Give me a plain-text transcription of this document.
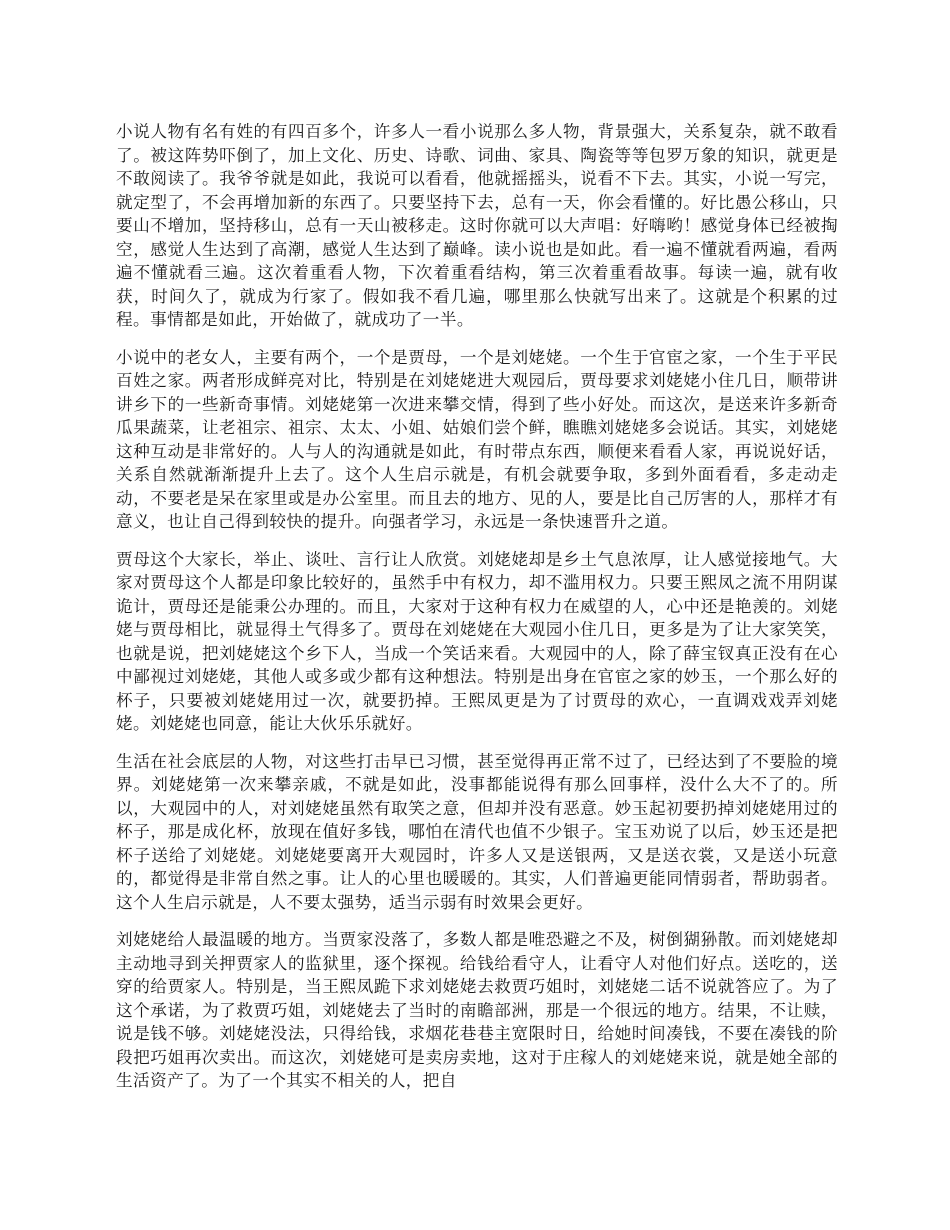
小说人物有名有姓的有四百多个，许多人一看小说那么多人物，背景强大，关系复杂，就不敢看了。被这阵势吓倒了，加上文化、历史、诗歌、词曲、家具、陶瓷等等包罗万象的知识，就更是不敢阅读了。我爷爷就是如此，我说可以看看，他就摇摇头，说看不下去。其实，小说一写完，就定型了，不会再增加新的东西了。只要坚持下去，总有一天，你会看懂的。好比愚公移山，只要山不增加，坚持移山，总有一天山被移走。这时你就可以大声唱：好嗨哟！感觉身体已经被掏空，感觉人生达到了高潮，感觉人生达到了巅峰。读小说也是如此。看一遍不懂就看两遍，看两遍不懂就看三遍。这次着重看人物，下次着重看结构，第三次着重看故事。每读一遍，就有收获，时间久了，就成为行家了。假如我不看几遍，哪里那么快就写出来了。这就是个积累的过程。事情都是如此，开始做了，就成功了一半。

小说中的老女人，主要有两个，一个是贾母，一个是刘姥姥。一个生于官宦之家，一个生于平民百姓之家。两者形成鲜亮对比，特别是在刘姥姥进大观园后，贾母要求刘姥姥小住几日，顺带讲讲乡下的一些新奇事情。刘姥姥第一次进来攀交情，得到了些小好处。而这次，是送来许多新奇瓜果蔬菜，让老祖宗、祖宗、太太、小姐、姑娘们尝个鲜，瞧瞧刘姥姥多会说话。其实，刘姥姥这种互动是非常好的。人与人的沟通就是如此，有时带点东西，顺便来看看人家，再说说好话，关系自然就渐渐提升上去了。这个人生启示就是，有机会就要争取，多到外面看看，多走动走动，不要老是呆在家里或是办公室里。而且去的地方、见的人，要是比自己厉害的人，那样才有意义，也让自己得到较快的提升。向强者学习，永远是一条快速晋升之道。

贾母这个大家长，举止、谈吐、言行让人欣赏。刘姥姥却是乡土气息浓厚，让人感觉接地气。大家对贾母这个人都是印象比较好的，虽然手中有权力，却不滥用权力。只要王熙凤之流不用阴谋诡计，贾母还是能秉公办理的。而且，大家对于这种有权力在威望的人，心中还是艳羡的。刘姥姥与贾母相比，就显得土气得多了。贾母在刘姥姥在大观园小住几日，更多是为了让大家笑笑，也就是说，把刘姥姥这个乡下人，当成一个笑话来看。大观园中的人，除了薛宝钗真正没有在心中鄙视过刘姥姥，其他人或多或少都有这种想法。特别是出身在官宦之家的妙玉，一个那么好的杯子，只要被刘姥姥用过一次，就要扔掉。王熙凤更是为了讨贾母的欢心，一直调戏戏弄刘姥姥。刘姥姥也同意，能让大伙乐乐就好。

生活在社会底层的人物，对这些打击早已习惯，甚至觉得再正常不过了，已经达到了不要脸的境界。刘姥姥第一次来攀亲戚，不就是如此，没事都能说得有那么回事样，没什么大不了的。所以，大观园中的人，对刘姥姥虽然有取笑之意，但却并没有恶意。妙玉起初要扔掉刘姥姥用过的杯子，那是成化杯，放现在值好多钱，哪怕在清代也值不少银子。宝玉劝说了以后，妙玉还是把杯子送给了刘姥姥。刘姥姥要离开大观园时，许多人又是送银两，又是送衣裳，又是送小玩意的，都觉得是非常自然之事。让人的心里也暖暖的。其实，人们普遍更能同情弱者，帮助弱者。这个人生启示就是，人不要太强势，适当示弱有时效果会更好。

刘姥姥给人最温暖的地方。当贾家没落了，多数人都是唯恐避之不及，树倒猢狲散。而刘姥姥却主动地寻到关押贾家人的监狱里，逐个探视。给钱给看守人，让看守人对他们好点。送吃的，送穿的给贾家人。特别是，当王熙凤跪下求刘姥姥去救贾巧姐时，刘姥姥二话不说就答应了。为了这个承诺，为了救贾巧姐，刘姥姥去了当时的南瞻部洲，那是一个很远的地方。结果，不让赎，说是钱不够。刘姥姥没法，只得给钱，求烟花巷巷主宽限时日，给她时间凑钱，不要在凑钱的阶段把巧姐再次卖出。而这次，刘姥姥可是卖房卖地，这对于庄稼人的刘姥姥来说，就是她全部的生活资产了。为了一个其实不相关的人，把自
